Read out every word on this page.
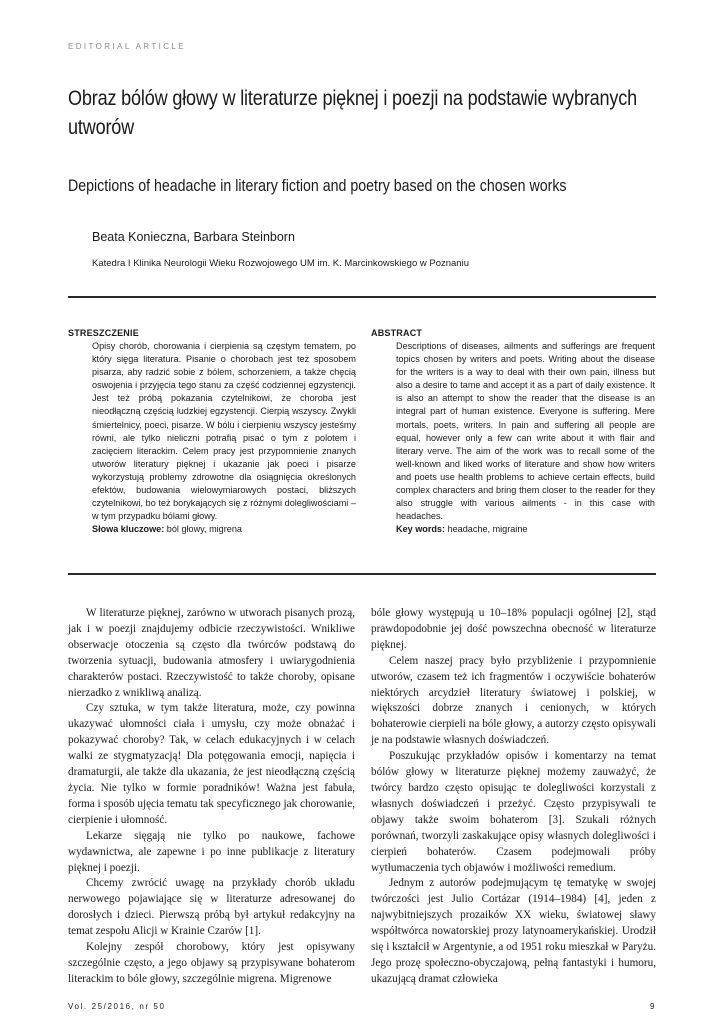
EDITORIAL ARTICLE
Obraz bólów głowy w literaturze pięknej i poezji na podstawie wybranych utworów
Depictions of headache in literary fiction and poetry based on the chosen works
Beata Konieczna, Barbara Steinborn
Katedra I Klinika Neurologii Wieku Rozwojowego UM im. K. Marcinkowskiego w Poznaniu
STRESZCZENIE

Opisy chorób, chorowania i cierpienia są częstym tematem, po który sięga literatura. Pisanie o chorobach jest też sposobem pisarza, aby radzić sobie z bólem, schorzeniem, a także chęcią oswojenia i przyjęcia tego stanu za część codziennej egzystencji. Jest też próbą pokazania czytelnikowi, że choroba jest nieodłączną częścią ludzkiej egzystencji. Cierpią wszyscy. Zwykli śmiertelnicy, poeci, pisarze. W bólu i cierpieniu wszyscy jesteśmy równi, ale tylko nieliczni potrafią pisać o tym z polotem i zacięciem literackim. Celem pracy jest przypomnienie znanych utworów literatury pięknej i ukazanie jak poeci i pisarze wykorzystują problemy zdrowotne dla osiągnięcia określonych efektów, budowania wielowymiarowych postaci, bliższych czytelnikowi, bo też borykających się z różnymi dolegliwościami – w tym przypadku bólami głowy.

Słowa kluczowe: ból głowy, migrena

ABSTRACT

Descriptions of diseases, ailments and sufferings are frequent topics chosen by writers and poets. Writing about the disease for the writers is a way to deal with their own pain, illness but also a desire to tame and accept it as a part of daily existence. It is also an attempt to show the reader that the disease is an integral part of human existence. Everyone is suffering. Mere mortals, poets, writers. In pain and suffering all people are equal, however only a few can write about it with flair and literary verve. The aim of the work was to recall some of the well-known and liked works of literature and show how writers and poets use health problems to achieve certain effects, build complex characters and bring them closer to the reader for they also struggle with various ailments - in this case with headaches.

Key words: headache, migraine

W literaturze pięknej, zarówno w utworach pisanych prozą, jak i w poezji znajdujemy odbicie rzeczywistości. Wnikliwe obserwacje otoczenia są często dla twórców podstawą do tworzenia sytuacji, budowania atmosfery i uwiarygodnienia charakterów postaci. Rzeczywistość to także choroby, opisane nierzadko z wnikliwą analizą.

Czy sztuka, w tym także literatura, może, czy powinna ukazywać ułomności ciała i umysłu, czy może obnażać i pokazywać choroby? Tak, w celach edukacyjnych i w celach walki ze stygmatyzacją! Dla potęgowania emocji, napięcia i dramaturgii, ale także dla ukazania, że jest nieodłączną częścią życia. Nie tylko w formie poradników! Ważna jest fabuła, forma i sposób ujęcia tematu tak specyficznego jak chorowanie, cierpienie i ułomność.

Lekarze sięgają nie tylko po naukowe, fachowe wydawnictwa, ale zapewne i po inne publikacje z literatury pięknej i poezji.

Chcemy zwrócić uwagę na przykłady chorób układu nerwowego pojawiające się w literaturze adresowanej do dorosłych i dzieci. Pierwszą próbą był artykuł redakcyjny na temat zespołu Alicji w Krainie Czarów [1].

Kolejny zespół chorobowy, który jest opisywany szczególnie często, a jego objawy są przypisywane bohaterom literackim to bóle głowy, szczególnie migrena. Migrenowe

bóle głowy występują u 10–18% populacji ogólnej [2], stąd prawdopodobnie jej dość powszechna obecność w literaturze pięknej.

Celem naszej pracy było przybliżenie i przypomnienie utworów, czasem też ich fragmentów i oczywiście bohaterów niektórych arcydzieł literatury światowej i polskiej, w większości dobrze znanych i cenionych, w których bohaterowie cierpieli na bóle głowy, a autorzy często opisywali je na podstawie własnych doświadczeń.

Poszukując przykładów opisów i komentarzy na temat bólów głowy w literaturze pięknej możemy zauważyć, że twórcy bardzo często opisując te dolegliwości korzystali z własnych doświadczeń i przeżyć. Często przypisywali te objawy także swoim bohaterom [3]. Szukali różnych porównań, tworzyli zaskakujące opisy własnych dolegliwości i cierpień bohaterów. Czasem podejmowali próby wytłumaczenia tych objawów i możliwości remedium.

Jednym z autorów podejmującym tę tematykę w swojej twórczości jest Julio Cortázar (1914–1984) [4], jeden z najwybitniejszych prozaików XX wieku, światowej sławy współtwórca nowatorskiej prozy latynoamerykańskiej. Urodził się i kształcił w Argentynie, a od 1951 roku mieszkał w Paryżu. Jego prozę społeczno-obyczajową, pełną fantastyki i humoru, ukazującą dramat człowieka

Vol. 25/2016, nr 50	9
